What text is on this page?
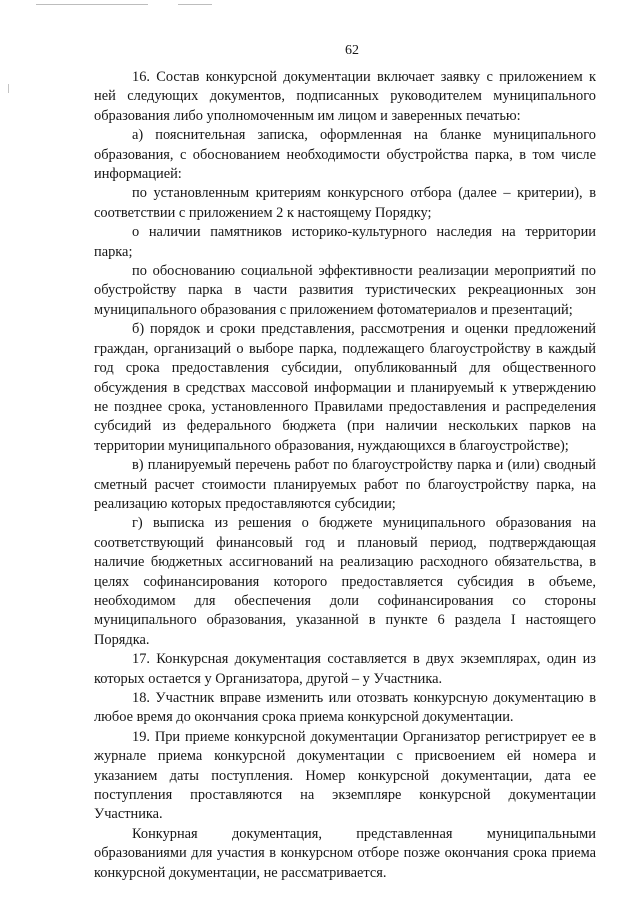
62

16. Состав конкурсной документации включает заявку с приложением к ней следующих документов, подписанных руководителем муниципального образования либо уполномоченным им лицом и заверенных печатью:

а) пояснительная записка, оформленная на бланке муниципального образования, с обоснованием необходимости обустройства парка, в том числе информацией:

по установленным критериям конкурсного отбора (далее – критерии), в соответствии с приложением 2 к настоящему Порядку;

о наличии памятников историко-культурного наследия на территории парка;

по обоснованию социальной эффективности реализации мероприятий по обустройству парка в части развития туристических рекреационных зон муниципального образования с приложением фотоматериалов и презентаций;

б) порядок и сроки представления, рассмотрения и оценки предложений граждан, организаций о выборе парка, подлежащего благоустройству в каждый год срока предоставления субсидии, опубликованный для общественного обсуждения в средствах массовой информации и планируемый к утверждению не позднее срока, установленного Правилами предоставления и распределения субсидий из федерального бюджета (при наличии нескольких парков на территории муниципального образования, нуждающихся в благоустройстве);

в) планируемый перечень работ по благоустройству парка и (или) сводный сметный расчет стоимости планируемых работ по благоустройству парка, на реализацию которых предоставляются субсидии;

г) выписка из решения о бюджете муниципального образования на соответствующий финансовый год и плановый период, подтверждающая наличие бюджетных ассигнований на реализацию расходного обязательства, в целях софинансирования которого предоставляется субсидия в объеме, необходимом для обеспечения доли софинансирования со стороны муниципального образования, указанной в пункте 6 раздела I настоящего Порядка.

17. Конкурсная документация составляется в двух экземплярах, один из которых остается у Организатора, другой – у Участника.

18. Участник вправе изменить или отозвать конкурсную документацию в любое время до окончания срока приема конкурсной документации.

19. При приеме конкурсной документации Организатор регистрирует ее в журнале приема конкурсной документации с присвоением ей номера и указанием даты поступления. Номер конкурсной документации, дата ее поступления проставляются на экземпляре конкурсной документации Участника.

Конкурная документация, представленная муниципальными образованиями для участия в конкурсном отборе позже окончания срока приема конкурсной документации, не рассматривается.
